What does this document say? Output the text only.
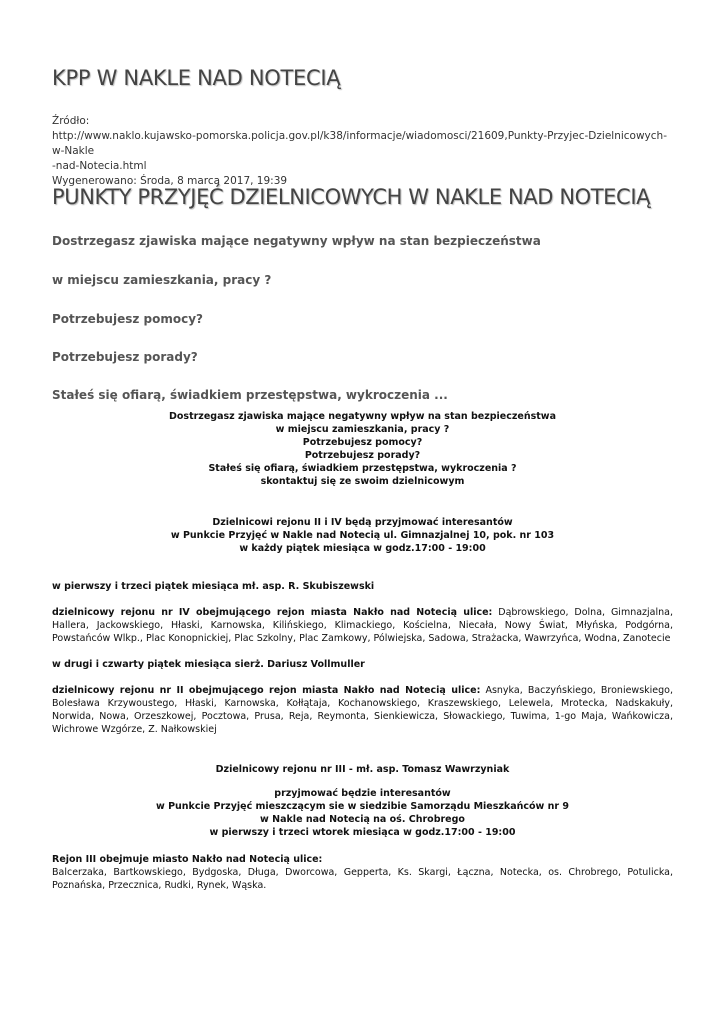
KPP W NAKLE NAD NOTECIĄ
Źródło:
http://www.naklo.kujawsko-pomorska.policja.gov.pl/k38/informacje/wiadomosci/21609,Punkty-Przyjec-Dzielnicowych-w-Nakle
-nad-Notecia.html
Wygenerowano: Środa, 8 marca 2017, 19:39
PUNKTY PRZYJĘĆ DZIELNICOWYCH W NAKLE NAD NOTECIĄ
Dostrzegasz zjawiska mające negatywny wpływ na stan bezpieczeństwa
w miejscu zamieszkania, pracy ?
Potrzebujesz pomocy?
Potrzebujesz porady?
Stałeś się ofiarą, świadkiem przestępstwa, wykroczenia ...
Dostrzegasz zjawiska mające negatywny wpływ na stan bezpieczeństwa
w miejscu zamieszkania, pracy ?
Potrzebujesz pomocy?
Potrzebujesz porady?
Stałeś się ofiarą, świadkiem przestępstwa, wykroczenia ?
skontaktuj się ze swoim dzielnicowym
Dzielnicowi rejonu II i IV będą przyjmować interesantów
w Punkcie Przyjęć w Nakle nad Notecią ul. Gimnazjalnej 10, pok. nr 103
w każdy piątek miesiąca w godz.17:00 - 19:00
w pierwszy i trzeci piątek miesiąca mł. asp. R. Skubiszewski
dzielnicowy rejonu nr IV obejmującego rejon miasta Nakło nad Notecią ulice: Dąbrowskiego, Dolna, Gimnazjalna, Hallera, Jackowskiego, Hłaski, Karnowska, Kilińskiego, Klimackiego, Kościelna, Niecała, Nowy Świat, Młyńska, Podgórna, Powstańców Wlkp., Plac Konopnickiej, Plac Szkolny, Plac Zamkowy, Pólwiejska, Sadowa, Strażacka, Wawrzyńca, Wodna, Zanotecie
w drugi i czwarty piątek miesiąca sierż. Dariusz Vollmuller
dzielnicowy rejonu nr II obejmującego rejon miasta Nakło nad Notecią ulice: Asnyka, Baczyńskiego, Broniewskiego, Bolesława Krzywoustego, Hłaski, Karnowska, Kołłątaja, Kochanowskiego, Kraszewskiego, Lelewela, Mrotecka, Nadskakuły, Norwida, Nowa, Orzeszkowej, Pocztowa, Prusa, Reja, Reymonta, Sienkiewicza, Słowackiego, Tuwima, 1-go Maja, Wańkowicza, Wichrowe Wzgórze, Z. Nałkowskiej
Dzielnicowy rejonu nr III - mł. asp. Tomasz Wawrzyniak
przyjmować będzie interesantów
w Punkcie Przyjęć mieszczącym sie w siedzibie Samorządu Mieszkańców nr 9
w Nakle nad Notecią na oś. Chrobrego
w pierwszy i trzeci wtorek miesiąca w godz.17:00 - 19:00
Rejon III obejmuje miasto Nakło nad Notecią ulice:
Balcerzaka, Bartkowskiego, Bydgoska, Długa, Dworcowa, Gepperta, Ks. Skargi, Łączna, Notecka, os. Chrobrego, Potulicka, Poznańska, Przecznica, Rudki, Rynek, Wąska.
